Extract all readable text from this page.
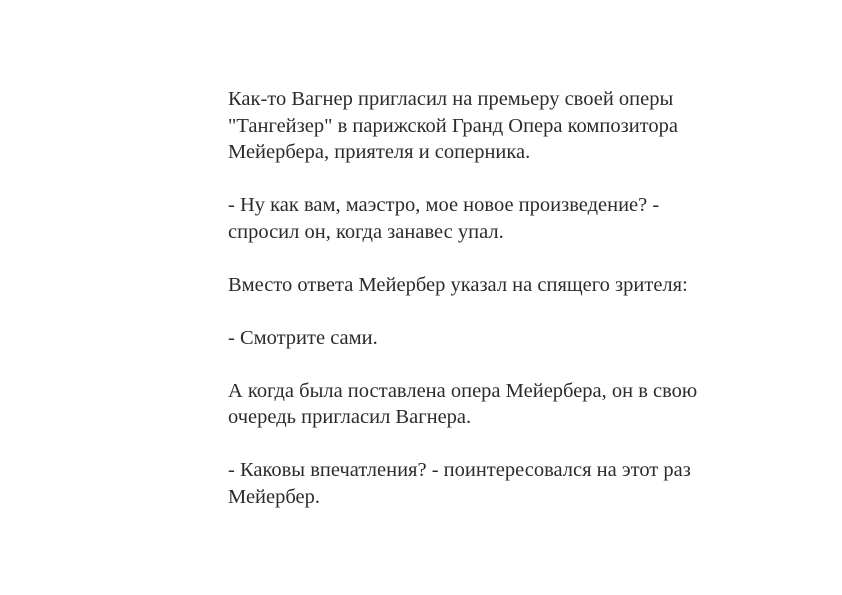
Как-то Вагнер пригласил на премьеру своей оперы
"Тангейзер" в парижской Гранд Опера композитора
Мейербера, приятеля и соперника.

- Ну как вам, маэстро, мое новое произведение? -
спросил он, когда занавес упал.

Вместо ответа Мейербер указал на спящего зрителя:

- Смотрите сами.

А когда была поставлена опера Мейербера, он в свою
очередь пригласил Вагнера.

- Каковы впечатления? - поинтересовался на этот раз
Мейербер.
